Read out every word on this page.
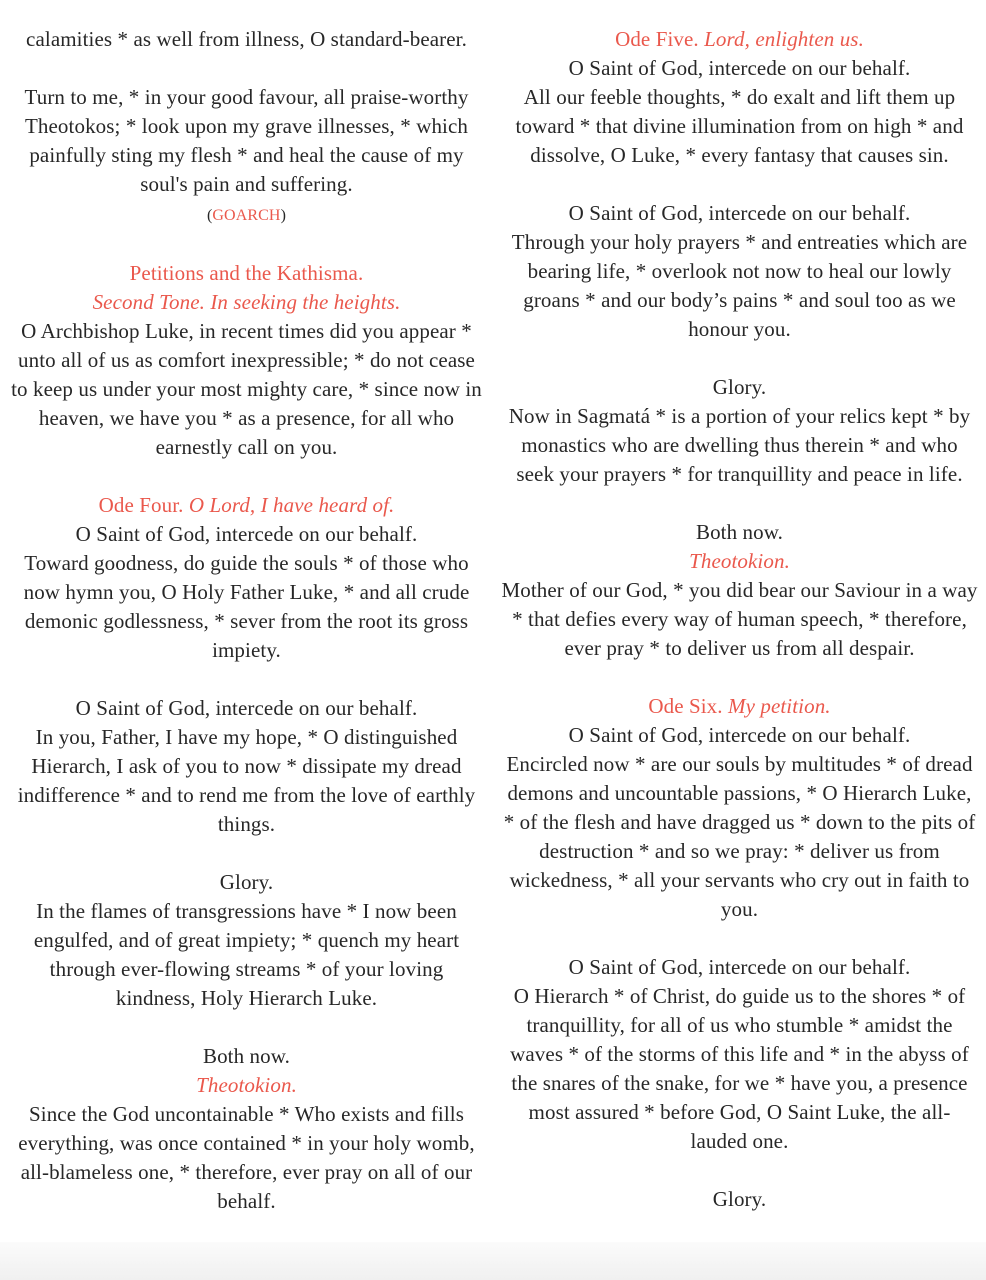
calamities * as well from illness, O standard-bearer.
Turn to me, * in your good favour, all praise-worthy Theotokos; * look upon my grave illnesses, * which painfully sting my flesh * and heal the cause of my soul's pain and suffering.
(GOARCH)
Petitions and the Kathisma.
Second Tone. In seeking the heights.
O Archbishop Luke, in recent times did you appear * unto all of us as comfort inexpressible; * do not cease to keep us under your most mighty care, * since now in heaven, we have you * as a presence, for all who earnestly call on you.
Ode Four. O Lord, I have heard of.
O Saint of God, intercede on our behalf.
Toward goodness, do guide the souls * of those who now hymn you, O Holy Father Luke, * and all crude demonic godlessness, * sever from the root its gross impiety.
O Saint of God, intercede on our behalf.
In you, Father, I have my hope, * O distinguished Hierarch, I ask of you to now * dissipate my dread indifference * and to rend me from the love of earthly things.
Glory.
In the flames of transgressions have * I now been engulfed, and of great impiety; * quench my heart through ever-flowing streams * of your loving kindness, Holy Hierarch Luke.
Both now.
Theotokion.
Since the God uncontainable * Who exists and fills everything, was once contained * in your holy womb, all-blameless one, * therefore, ever pray on all of our behalf.
Ode Five. Lord, enlighten us.
O Saint of God, intercede on our behalf.
All our feeble thoughts, * do exalt and lift them up toward * that divine illumination from on high * and dissolve, O Luke, * every fantasy that causes sin.
O Saint of God, intercede on our behalf.
Through your holy prayers * and entreaties which are bearing life, * overlook not now to heal our lowly groans * and our body’s pains * and soul too as we honour you.
Glory.
Now in Sagmatá * is a portion of your relics kept * by monastics who are dwelling thus therein * and who seek your prayers * for tranquillity and peace in life.
Both now.
Theotokion.
Mother of our God, * you did bear our Saviour in a way * that defies every way of human speech, * therefore, ever pray * to deliver us from all despair.
Ode Six. My petition.
O Saint of God, intercede on our behalf.
Encircled now * are our souls by multitudes * of dread demons and uncountable passions, * O Hierarch Luke, * of the flesh and have dragged us * down to the pits of destruction * and so we pray: * deliver us from wickedness, * all your servants who cry out in faith to you.
O Saint of God, intercede on our behalf.
O Hierarch * of Christ, do guide us to the shores * of tranquillity, for all of us who stumble * amidst the waves * of the storms of this life and * in the abyss of the snares of the snake, for we * have you, a presence most assured * before God, O Saint Luke, the all-lauded one.
Glory.
